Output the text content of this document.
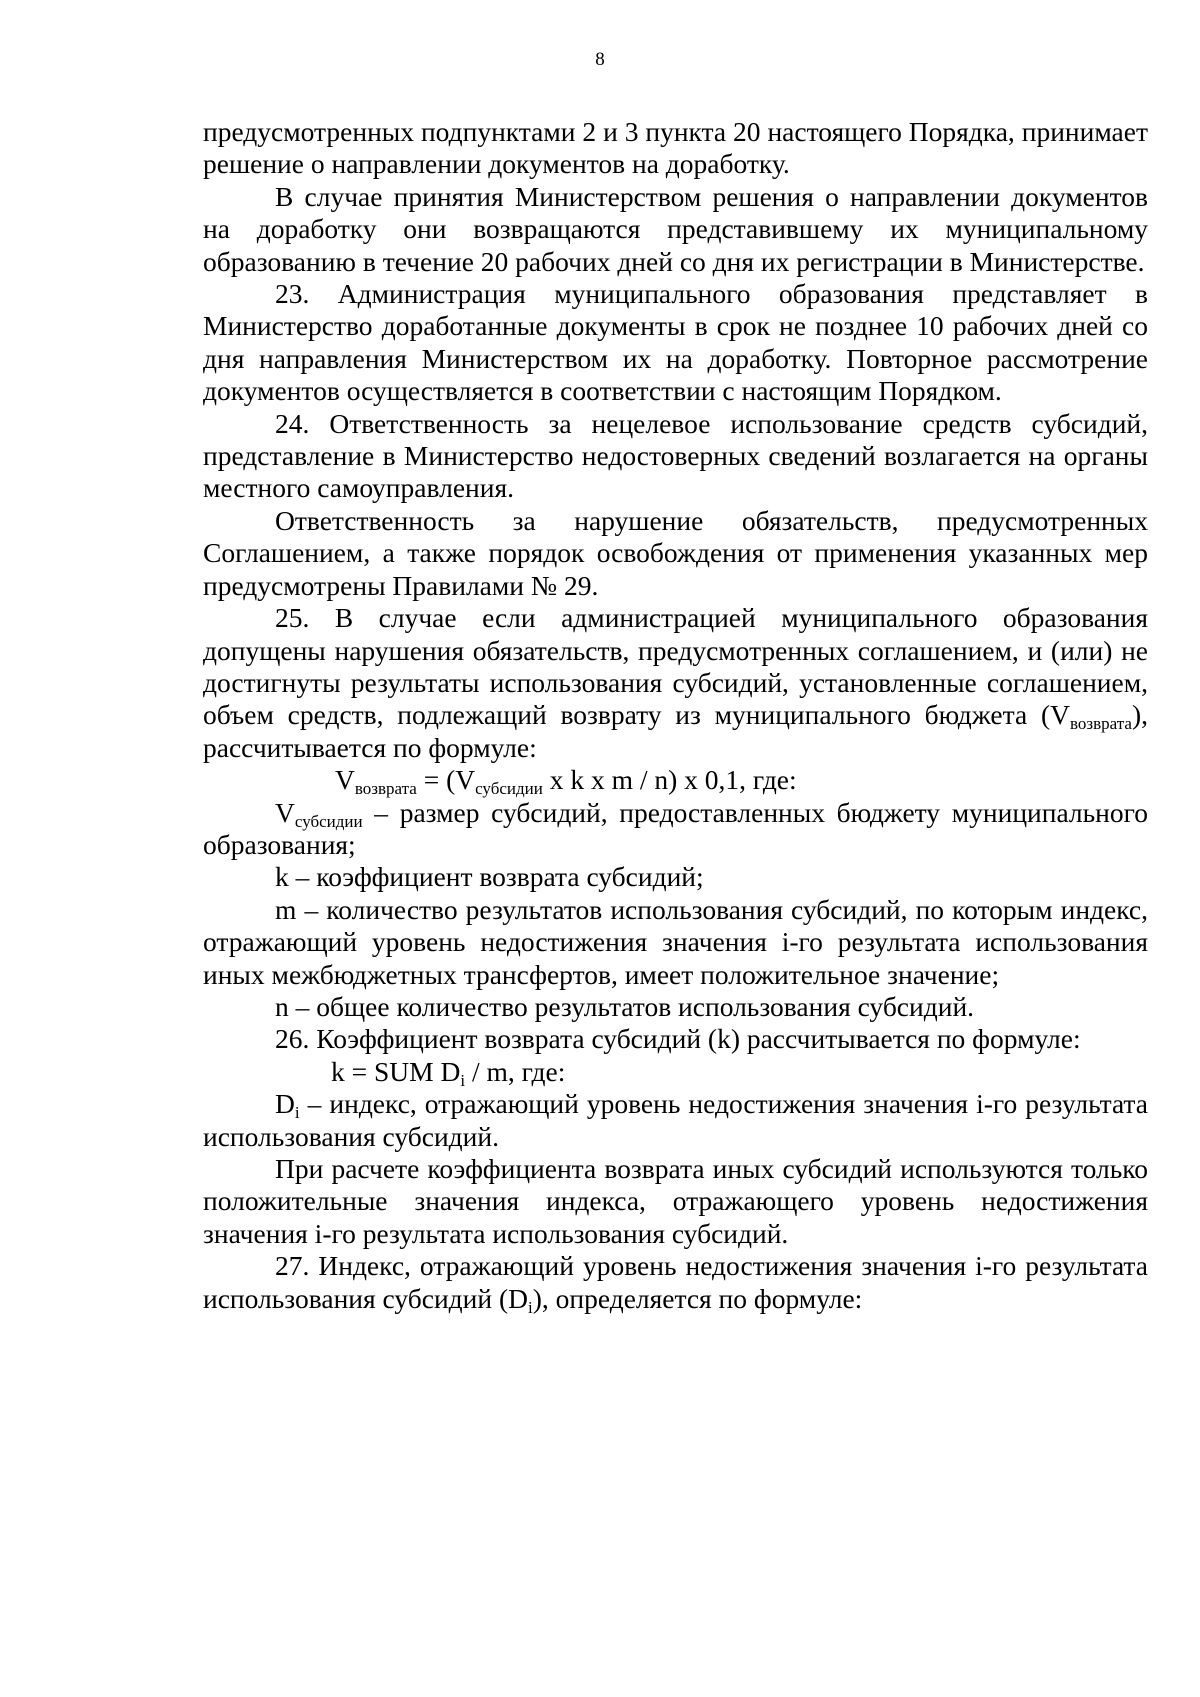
8

предусмотренных подпунктами 2 и 3 пункта 20 настоящего Порядка, принимает решение о направлении документов на доработку.

В случае принятия Министерством решения о направлении документов на доработку они возвращаются представившему их муниципальному образованию в течение 20 рабочих дней со дня их регистрации в Министерстве.

23. Администрация муниципального образования представляет в Министерство доработанные документы в срок не позднее 10 рабочих дней со дня направления Министерством их на доработку. Повторное рассмотрение документов осуществляется в соответствии с настоящим Порядком.

24. Ответственность за нецелевое использование средств субсидий, представление в Министерство недостоверных сведений возлагается на органы местного самоуправления.

Ответственность за нарушение обязательств, предусмотренных Соглашением, а также порядок освобождения от применения указанных мер предусмотрены Правилами № 29.

25. В случае если администрацией муниципального образования допущены нарушения обязательств, предусмотренных соглашением, и (или) не достигнуты результаты использования субсидий, установленные соглашением, объем средств, подлежащий возврату из муниципального бюджета $(V_{возврата})$, рассчитывается по формуле:

$V_{возврата} = (V_{субсидии}$ x k x m / n) x 0,1, где:

$V_{субсидии}$ – размер субсидий, предоставленных бюджету муниципального образования;

k – коэффициент возврата субсидий;

m – количество результатов использования субсидий, по которым индекс, отражающий уровень недостижения значения i-го результата использования иных межбюджетных трансфертов, имеет положительное значение;

n – общее количество результатов использования субсидий.

26. Коэффициент возврата субсидий (k) рассчитывается по формуле:

k = SUM $D_i$ / m, где:

$D_i$ – индекс, отражающий уровень недостижения значения i-го результата использования субсидий.

При расчете коэффициента возврата иных субсидий используются только положительные значения индекса, отражающего уровень недостижения значения i-го результата использования субсидий.

27. Индекс, отражающий уровень недостижения значения i-го результата использования субсидий $(D_i)$, определяется по формуле:
